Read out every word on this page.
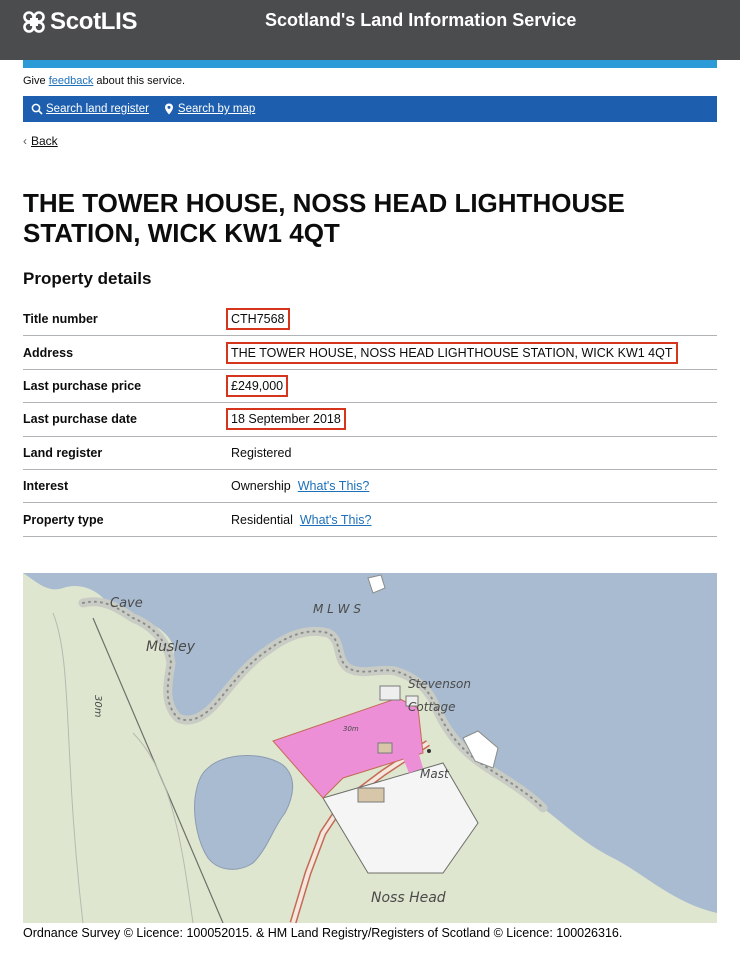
ScotLIS	Scotland's Land Information Service
Give feedback about this service.
Search land register	Search by map
‹ Back
THE TOWER HOUSE, NOSS HEAD LIGHTHOUSE STATION, WICK KW1 4QT
Property details
Title number	CTH7568
Address	THE TOWER HOUSE, NOSS HEAD LIGHTHOUSE STATION, WICK KW1 4QT
Last purchase price	£249,000
Last purchase date	18 September 2018
Land register	Registered
Interest	Ownership What's This?
Property type	Residential What's This?
Cave	M L W S
Musley
30m
Stevenson
Cottage
Mast
Noss Head
30m
Ordnance Survey © Licence: 100052015. & HM Land Registry/Registers of Scotland © Licence: 100026316.
